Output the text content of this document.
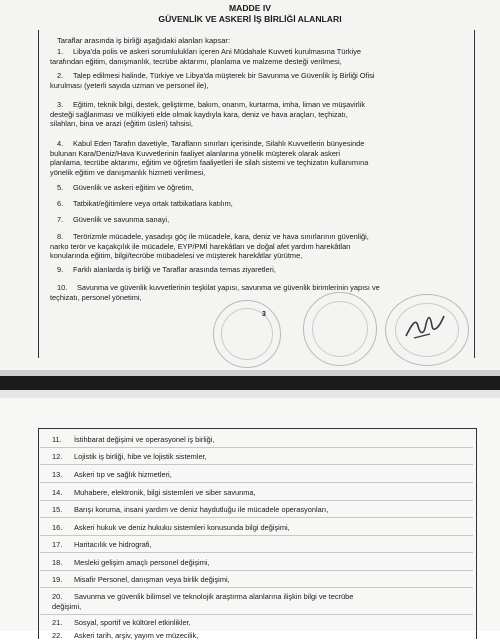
MADDE IV
GÜVENLİK VE ASKERİ İŞ BİRLİĞİ ALANLARI
Taraflar arasında iş birliği aşağıdaki alanları kapsar:
1. Libya'da polis ve askeri sorumlulukları içeren Ani Müdahale Kuvveti kurulmasına Türkiye
tarafından eğitim, danışmanlık, tecrübe aktarımı, planlama ve malzeme desteği verilmesi,
2. Talep edilmesi halinde, Türkiye ve Libya'da müşterek bir Savunma ve Güvenlik İş Birliği Ofisi
kurulması (yeterli sayıda uzman ve personel ile),
3. Eğitim, teknik bilgi, destek, geliştirme, bakım, onarım, kurtarma, imha, liman ve müşavirlik
desteği sağlanması ve mülkiyeti elde olmak kaydıyla kara, deniz ve hava araçları, teçhizatı,
silahları, bina ve arazi (eğitim üsleri) tahsisi,
4. Kabul Eden Tarafın davetiyle, Tarafların sınırları içerisinde, Silahlı Kuvvetlerin bünyesinde
bulunan Kara/Deniz/Hava Kuvvetlerinin faaliyet alanlarına yönelik müşterek olarak askeri
planlama, tecrübe aktarımı, eğitim ve öğretim faaliyetleri ile silah sistemi ve teçhizatın kullanımına
yönelik eğitim ve danışmanlık hizmeti verilmesi,
5. Güvenlik ve askeri eğitim ve öğretim,
6. Tatbikat/eğitimlere veya ortak tatbikatlara katılım,
7. Güvenlik ve savunma sanayi,
8. Terörizmle mücadele, yasadışı göç ile mücadele, kara, deniz ve hava sınırlarının güvenliği,
narko terör ve kaçakçılık ile mücadele, EYP/PMİ harekâtları ve doğal afet yardım harekâtları
konularında eğitim, bilgi/tecrübe mübadelesi ve müşterek harekâtlar yürütme,
9. Farklı alanlarda iş birliği ve Taraflar arasında temas ziyaretleri,
10. Savunma ve güvenlik kuvvetlerinin teşkilat yapısı, savunma ve güvenlik birimlerinin yapısı ve
teçhizatı, personel yönetimi,
3
11. İstihbarat değişimi ve operasyonel iş birliği,
12. Lojistik iş birliği, hibe ve lojistik sistemler,
13. Askeri tıp ve sağlık hizmetleri,
14. Muhabere, elektronik, bilgi sistemleri ve siber savunma,
15. Barışı koruma, insani yardım ve deniz haydutluğu ile mücadele operasyonları,
16. Askeri hukuk ve deniz hukuku sistemleri konusunda bilgi değişimi,
17. Haritacılık ve hidrografi,
18. Mesleki gelişim amaçlı personel değişimi,
19. Misafir Personel, danışman veya birlik değişimi,
20. Savunma ve güvenlik bilimsel ve teknolojik araştırma alanlarına ilişkin bilgi ve tecrübe
değişimi,
21. Sosyal, sportif ve kültürel etkinlikler,
22. Askeri tarih, arşiv, yayım ve müzecilik,
